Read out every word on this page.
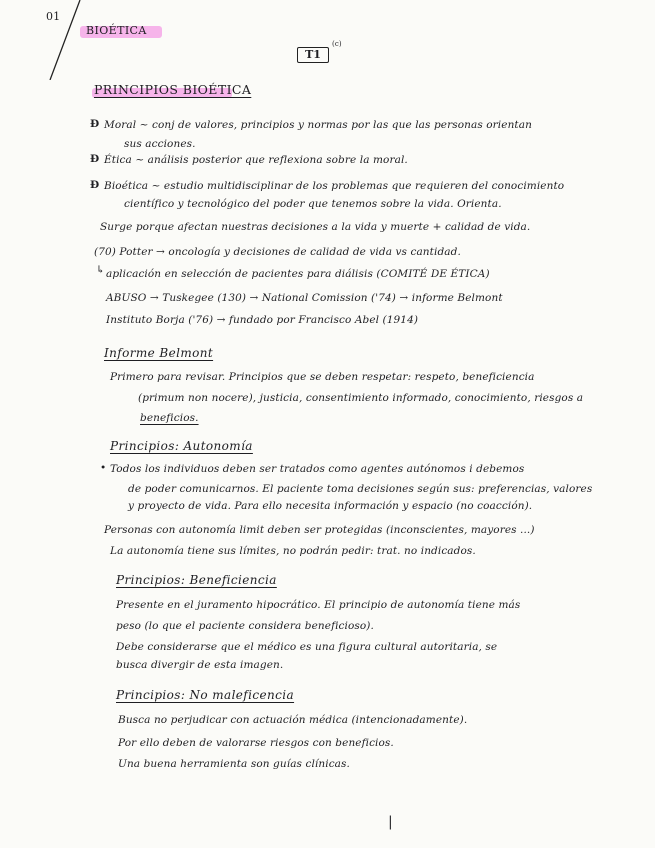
01
BIOÉTICA
T1
(c)
PRINCIPIOS BIOÉTICA
Ð Moral ~ conj de valores, principios y normas por las que las personas orientan
sus acciones.
Ð Ética ~ análisis posterior que reflexiona sobre la moral.
Ð Bioética ~ estudio multidisciplinar de los problemas que requieren del conocimiento
científico y tecnológico del poder que tenemos sobre la vida. Orienta.
Surge porque afectan nuestras decisiones a la vida y muerte + calidad de vida.
(70) Potter → oncología y decisiones de calidad de vida vs cantidad.
↳ aplicación en selección de pacientes para diálisis (COMITÉ DE ÉTICA)
ABUSO → Tuskegee (130) → National Comission ('74) → informe Belmont
Instituto Borja ('76) → fundado por Francisco Abel (1914)
Informe Belmont
Primero para revisar. Principios que se deben respetar: respeto, beneficiencia
(primum non nocere), justicia, consentimiento informado, conocimiento, riesgos a
beneficios.
Principios: Autonomía
• Todos los individuos deben ser tratados como agentes autónomos i debemos
de poder comunicarnos. El paciente toma decisiones según sus: preferencias, valores
y proyecto de vida. Para ello necesita información y espacio (no coacción).
Personas con autonomía limit deben ser protegidas (inconscientes, mayores ...)
La autonomía tiene sus límites, no podrán pedir: trat. no indicados.
Principios: Beneficiencia
Presente en el juramento hipocrático. El principio de autonomía tiene más
peso (lo que el paciente considera beneficioso).
Debe considerarse que el médico es una figura cultural autoritaria, se
busca divergir de esta imagen.
Principios: No maleficencia
Busca no perjudicar con actuación médica (intencionadamente).
Por ello deben de valorarse riesgos con beneficios.
Una buena herramienta son guías clínicas.
|
